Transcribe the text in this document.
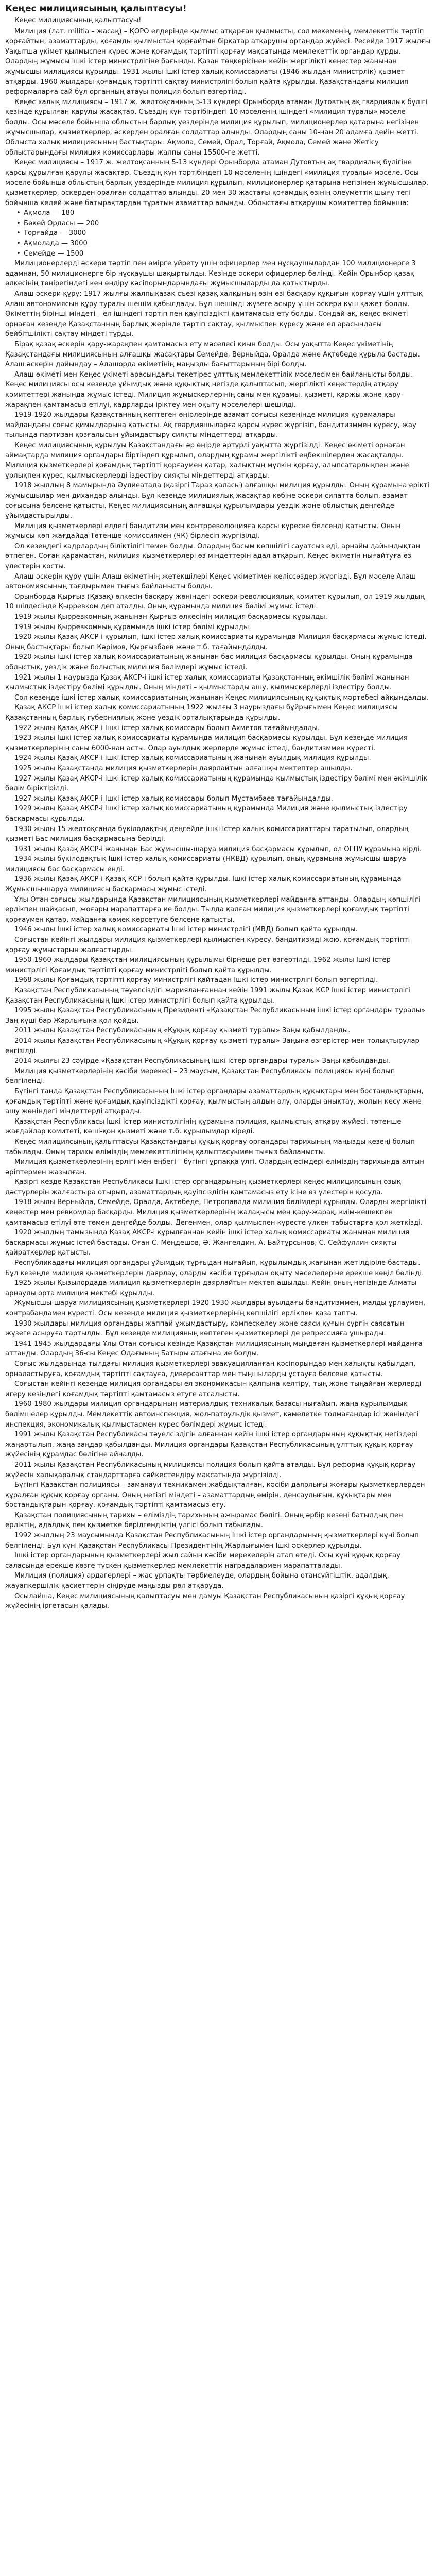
Кеңес милициясының қалыптасуы!

Кеңес милициясының қалыптасуы!

Милиция (лат. militia – жасақ) – ҚОРО елдерінде қылмыс атқарған қылмысты, сол мекеменің, мемлекеттік тәртіп қорғайтын, азаматтарды, қоғамды қылмыстан қорғайтын бірқатар атқарушы органдар жүйесі. Ресейде 1917 жылғы Уақытша үкімет қылмыспен күрес және қоғамдық тәртіпті қорғау мақсатында мемлекеттік органдар құрды. Олардың жұмысы ішкі істер министрлігіне бағынды. Қазан төңкерісінен кейін жергілікті кеңестер жанынан жұмысшы милициясы құрылды. 1931 жылы ішкі істер халық комиссариаты (1946 жылдан министрлік) қызмет атқарды. 1960 жылдары қоғамдық тәртіпті сақтау министрлігі болып қайта құрылды. Қазақстандағы милиция реформаларға сай бұл органның атауы полиция болып өзгертілді.

Кеңес халық милициясы – 1917 ж. желтоқсанның 5-13 күндері Орынборда атаман Дутовтың ақ гвардиялық бүлігі кезінде құрылған қарулы жасақтар. Съездің күн тәртібіндегі 10 мәселенің ішіндегі «милиция туралы» мәселе болды. Осы мәселе бойынша облыстың барлық уездерінде милиция құрылып, милиционерлер қатарына негізінен жұмысшылар, қызметкерлер, әскерден оралған солдаттар алынды. Олардың саны 10-нан 20 адамға дейін жетті. Облыста халық милициясының бастықтары: Ақмола, Семей, Орал, Торғай, Ақмола, Семей және Жетісу облыстарындағы милиция комиссарлары жалпы саны 15500-ге жетті.

Кеңес милициясы – 1917 ж. желтоқсанның 5-13 күндері Орынборда атаман Дутовтың ақ гвардиялық бүлігіне қарсы құрылған қарулы жасақтар. Съездің күн тәртібіндегі 10 мәселенің ішіндегі «милиция туралы» мәселе. Осы мәселе бойынша облыстың барлық уездерінде милиция құрылып, милиционерлер қатарына негізінен жұмысшылар, қызметкерлер, әскерден оралған солдаттар алынды. 20 мен 30 жастағы қоғамдық өзінің әлеуметтік шығу тегі бойынша кедей және батырақтардан тұратын азаматтар алынды. Облыстағы атқарушы комитеттер бойынша:

• Ақмола — 180
• Бөкей Ордасы — 200
• Торғайда — 3000
• Ақмолада — 3000
• Семейде — 1500

Милиционерлерді әскери тәртіп пен өмірге үйрету үшін офицерлер мен нұсқаушылардан 100 милиционерге 3 адамнан, 50 милиционерге бір нұсқаушы шақыртылды. Кезінде әскери офицерлер бөлінді. Кейін Орынбор қазақ өлкесінің төңірегіндегі кен өндіру кәсіпорындарындағы жұмысшыларды да қатыстырды.

Алаш әскери құру: 1917 жылғы жалпықазақ съезі қазақ халқының өзін-өзі басқару құқығын қорғау үшін ұлттық Алаш автономиясын құру туралы шешім қабылдады. Бұл шешімді жүзеге асыру үшін әскери күш қажет болды. Өкіметтің бірінші міндеті – ел ішіндегі тәртіп пен қауіпсіздікті қамтамасыз ету болды. Сондай-ақ, кеңес өкіметі орнаған кезеңде Қазақстанның барлық жерінде тәртіп сақтау, қылмыспен күресу және ел арасындағы бейбітшілікті сақтау міндеті тұрды.

Бірақ қазақ әскерін қару-жарақпен қамтамасыз ету мәселесі қиын болды. Осы уақытта Кеңес үкіметінің Қазақстандағы милициясының алғашқы жасақтары Семейде, Верныйда, Оралда және Ақтөбеде құрыла бастады. Алаш әскерін дайындау – Алашорда өкіметінің маңызды бағыттарының бірі болды.

Алаш өкіметі мен Кеңес үкіметі арасындағы текетірес ұлттық мемлекеттілік мәселесімен байланысты болды. Кеңес милициясы осы кезеңде ұйымдық және құқықтық негізде қалыптасып, жергілікті кеңестердің атқару комитеттері жанында жұмыс істеді. Милиция жұмыскерлерінің саны мен құрамы, қызметі, қаржы және қару-жарақпен қамтамасыз етілуі, кадрларды іріктеу мен оқыту мәселелері шешілді.

1919-1920 жылдары Қазақстанның көптеген өңірлерінде азамат соғысы кезеңінде милиция құрамалары майдандағы соғыс қимылдарына қатысты. Ақ гвардияшыларға қарсы күрес жүргізіп, бандитизммен күресу, жау тылында партизан қозғалысын ұйымдастыру сияқты міндеттерді атқарды.

Кеңес милициясының құрылуы Қазақстандағы әр өңірде әртүрлі уақытта жүргізілді. Кеңес өкіметі орнаған аймақтарда милиция органдары біртіндеп құрылып, олардың құрамы жергілікті еңбекшілерден жасақталды. Милиция қызметкерлері қоғамдық тәртіпті қорғаумен қатар, халықтың мүлкін қорғау, алыпсатарлықпен және ұрлықпен күрес, қылмыскерлерді іздестіру сияқты міндеттерді атқарды.

1918 жылдың 8 мамырында Әулиеатада (қазіргі Тараз қаласы) алғашқы милиция құрылды. Оның құрамына ерікті жұмысшылар мен дихандар алынды. Бұл кезеңде милициялық жасақтар көбіне әскери сипатта болып, азамат соғысына белсене қатысты. Кеңес милициясының алғашқы құрылымдары уездік және облыстық деңгейде ұйымдастырылды.

Милиция қызметкерлері елдегі бандитизм мен контрреволюцияға қарсы күреске белсенді қатысты. Оның жұмысы көп жағдайда Төтенше комиссиямен (ЧК) бірлесіп жүргізілді.

Ол кезеңдегі кадрлардың біліктілігі төмен болды. Олардың басым көпшілігі сауатсыз еді, арнайы дайындықтан өтпеген. Соған қарамастан, милиция қызметкерлері өз міндеттерін адал атқарып, Кеңес өкіметін нығайтуға өз үлестерін қосты.

Алаш әскерін құру үшін Алаш өкіметінің жетекшілері Кеңес үкіметімен келіссөздер жүргізді. Бұл мәселе Алаш автономиясының тағдырымен тығыз байланысты болды.

Орынборда Қырғыз (Қазақ) өлкесін басқару жөніндегі әскери-революциялық комитет құрылып, ол 1919 жылдың 10 шілдесінде Қырревком деп аталды. Оның құрамында милиция бөлімі жұмыс істеді.

1919 жылы Қырревкомның жанынан Қырғыз өлкесінің милиция басқармасы құрылды.

1919 жылы Қырревкомның құрамында ішкі істер бөлімі құрылды.

1920 жылы Қазақ АКСР-і құрылып, ішкі істер халық комиссариаты құрамында Милиция басқармасы жұмыс істеді. Оның бастықтары болып Кәрімов, Қырғызбаев және т.б. тағайындалды.

1920 жылы ішкі істер халық комиссариатының жанынан бас милиция басқармасы құрылды. Оның құрамында облыстық, уездік және болыстық милиция бөлімдері жұмыс істеді.

1921 жылы 1 наурызда Қазақ АКСР-і ішкі істер халық комиссариаты Қазақстанның әкімшілік бөлімі жанынан қылмыстық іздестіру бөлімі құрылды. Оның міндеті – қылмыстарды ашу, қылмыскерлерді іздестіру болды.

Сол кезеңде ішкі істер халық комиссариатының жанынан Кеңес милициясының құқықтық мәртебесі айқындалды.

Қазақ АКСР Ішкі істер халық комиссариатының 1922 жылғы 3 наурыздағы бұйрығымен Кеңес милициясы Қазақстанның барлық губерниялық және уездік орталықтарында құрылды.

1922 жылы Қазақ АКСР-і Ішкі істер халық комиссары болып Ахметов тағайындалды.

1923 жылы Ішкі істер халық комиссариаты құрамында милиция басқармасы құрылды. Бұл кезеңде милиция қызметкерлерінің саны 6000-нан асты. Олар ауылдық жерлерде жұмыс істеді, бандитизммен күресті.

1924 жылы Қазақ АКСР-і ішкі істер халық комиссариатының жанынан ауылдық милиция құрылды.

1925 жылы Қазақстанда милиция қызметкерлерін даярлайтын алғашқы мектептер ашылды.

1927 жылы Қазақ АКСР-і ішкі істер халық комиссариатының құрамында қылмыстық іздестіру бөлімі мен әкімшілік бөлім біріктірілді.

1927 жылы Қазақ АКСР-і Ішкі істер халық комиссары болып Мұстамбаев тағайындалды.

1929 жылы Қазақ АКСР-і Ішкі істер халық комиссариатының құрамында Милиция және қылмыстық іздестіру басқармасы құрылды.

1930 жылы 15 желтоқсанда бүкілодақтық деңгейде ішкі істер халық комиссариаттары таратылып, олардың қызметі Бас милиция басқармасына берілді.

1931 жылы Қазақ АКСР-і жанынан Бас жұмысшы-шаруа милиция басқармасы құрылып, ол ОГПУ құрамына кірді.

1934 жылы бүкілодақтық Ішкі істер халық комиссариаты (НКВД) құрылып, оның құрамына жұмысшы-шаруа милициясы бас басқармасы енді.

1936 жылы Қазақ АКСР-і Қазақ КСР-і болып қайта құрылды. Ішкі істер халық комиссариатының құрамында Жұмысшы-шаруа милициясы басқармасы жұмыс істеді.

Ұлы Отан соғысы жылдарында Қазақстан милициясының қызметкерлері майданға аттанды. Олардың көпшілігі ерлікпен шайқасып, жоғары марапаттарға ие болды. Тылда қалған милиция қызметкерлері қоғамдық тәртіпті қорғаумен қатар, майданға көмек көрсетуге белсене қатысты.

1946 жылы Ішкі істер халық комиссариаты Ішкі істер министрлігі (МВД) болып қайта құрылды.

Соғыстан кейінгі жылдары милиция қызметкерлері қылмыспен күресу, бандитизмді жою, қоғамдық тәртіпті қорғау жұмыстарын жалғастырды.

1950-1960 жылдары Қазақстан милициясының құрылымы бірнеше рет өзгертілді. 1962 жылы Ішкі істер министрлігі Қоғамдық тәртіпті қорғау министрлігі болып қайта құрылды.

1968 жылы Қоғамдық тәртіпті қорғау министрлігі қайтадан Ішкі істер министрлігі болып өзгертілді.

Қазақстан Республикасының тәуелсіздігі жарияланғаннан кейін 1991 жылы Қазақ КСР Ішкі істер министрлігі Қазақстан Республикасының Ішкі істер министрлігі болып қайта құрылды.

1995 жылы Қазақстан Республикасының Президенті «Қазақстан Республикасының ішкі істер органдары туралы» Заң күші бар Жарлығына қол қойды.

2011 жылы Қазақстан Республикасының «Құқық қорғау қызметі туралы» Заңы қабылданды.

2014 жылы Қазақстан Республикасының «Құқық қорғау қызметі туралы» Заңына өзгерістер мен толықтырулар енгізілді.

2014 жылғы 23 сәуірде «Қазақстан Республикасының ішкі істер органдары туралы» Заңы қабылданды.

Милиция қызметкерлерінің кәсіби мерекесі – 23 маусым, Қазақстан Республикасы полициясы күні болып белгіленді.

Бүгінгі таңда Қазақстан Республикасының Ішкі істер органдары азаматтардың құқықтары мен бостандықтарын, қоғамдық тәртіпті және қоғамдық қауіпсіздікті қорғау, қылмыстың алдын алу, оларды анықтау, жолын кесу және ашу жөніндегі міндеттерді атқарады.

Қазақстан Республикасы Ішкі істер министрлігінің құрамына полиция, қылмыстық-атқару жүйесі, төтенше жағдайлар комитеті, көші-қон қызметі және т.б. құрылымдар кіреді.

Кеңес милициясының қалыптасуы Қазақстандағы құқық қорғау органдары тарихының маңызды кезеңі болып табылады. Оның тарихы еліміздің мемлекеттілігінің қалыптасуымен тығыз байланысты.

Милиция қызметкерлерінің ерлігі мен еңбегі – бүгінгі ұрпаққа үлгі. Олардың есімдері еліміздің тарихында алтын әріптермен жазылған.

Қазіргі кезде Қазақстан Республикасы Ішкі істер органдарының қызметкерлері кеңес милициясының озық дәстүрлерін жалғастыра отырып, азаматтардың қауіпсіздігін қамтамасыз ету ісіне өз үлестерін қосуда.

1918 жылы Верныйда, Семейде, Оралда, Ақтөбеде, Петропавлда милиция бөлімдері құрылды. Оларды жергілікті кеңестер мен ревкомдар басқарды. Милиция қызметкерлерінің жалақысы мен қару-жарақ, киім-кешекпен қамтамасыз етілуі өте төмен деңгейде болды. Дегенмен, олар қылмыспен күресте үлкен табыстарға қол жеткізді.

1920 жылдың тамызында Қазақ АКСР-і құрылғаннан кейін ішкі істер халық комиссариаты жанынан милиция басқармасы жұмыс істей бастады. Оған С. Меңдешов, Ә. Жангелдин, А. Байтұрсынов, С. Сейфуллин сияқты қайраткерлер қатысты.

Республикадағы милиция органдары ұйымдық тұрғыдан нығайып, құрылымдық жағынан жетілдіріле бастады. Бұл кезеңде милиция қызметкерлерін даярлау, оларды кәсіби тұрғыдан оқыту мәселелеріне ерекше көңіл бөлінді.

1925 жылы Қызылордада милиция қызметкерлерін даярлайтын мектеп ашылды. Кейін оның негізінде Алматы арнаулы орта милиция мектебі құрылды.

Жұмысшы-шаруа милициясының қызметкерлері 1920-1930 жылдары ауылдағы бандитизммен, малды ұрлаумен, контрабандамен күресті. Осы кезеңде милиция қызметкерлерінің көпшілігі ерлікпен қаза тапты.

1930 жылдары милиция органдары жаппай ұжымдастыру, кәмпескелеу және саяси қуғын-сүргін саясатын жүзеге асыруға тартылды. Бұл кезеңде милицияның көптеген қызметкерлері де репрессияға ұшырады.

1941-1945 жылдардағы Ұлы Отан соғысы кезінде Қазақстан милициясының мыңдаған қызметкерлері майданға аттанды. Олардың 36-сы Кеңес Одағының Батыры атағына ие болды.

Соғыс жылдарында тылдағы милиция қызметкерлері эвакуацияланған кәсіпорындар мен халықты қабылдап, орналастыруға, қоғамдық тәртіпті сақтауға, диверсанттар мен тыңшыларды ұстауға белсене қатысты.

Соғыстан кейінгі кезеңде милиция органдары ел экономикасын қалпына келтіру, тың және тыңайған жерлерді игеру кезіндегі қоғамдық тәртіпті қамтамасыз етуге атсалысты.

1960-1980 жылдары милиция органдарының материалдық-техникалық базасы нығайып, жаңа құрылымдық бөлімшелер құрылды. Мемлекеттік автоинспекция, жол-патрульдік қызмет, кәмелетке толмағандар ісі жөніндегі инспекция, экономикалық қылмыстармен күрес бөлімдері жұмыс істеді.

1991 жылы Қазақстан Республикасы тәуелсіздігін алғаннан кейін ішкі істер органдарының құқықтық негіздері жаңартылып, жаңа заңдар қабылданды. Милиция органдары Қазақстан Республикасының ұлттық құқық қорғау жүйесінің құрамдас бөлігіне айналды.

2011 жылы Қазақстан Республикасының милициясы полиция болып қайта аталды. Бұл реформа құқық қорғау жүйесін халықаралық стандарттарға сәйкестендіру мақсатында жүргізілді.

Бүгінгі Қазақстан полициясы – заманауи техникамен жабдықталған, кәсіби даярлығы жоғары қызметкерлерден құралған құқық қорғау органы. Оның негізгі міндеті – азаматтардың өмірін, денсаулығын, құқықтары мен бостандықтарын қорғау, қоғамдық тәртіпті қамтамасыз ету.

Қазақстан полициясының тарихы – еліміздің тарихының ажырамас бөлігі. Оның әрбір кезеңі батылдық пен ерліктің, адалдық пен қызметке берілгендіктің үлгісі болып табылады.

1992 жылдың 23 маусымында Қазақстан Республикасының Ішкі істер органдарының қызметкерлері күні болып белгіленді. Бұл күні Қазақстан Республикасы Президентінің Жарлығымен Ішкі әскерлер құрылды.

Ішкі істер органдарының қызметкерлері жыл сайын кәсіби мерекелерін атап өтеді. Осы күні құқық қорғау саласында ерекше көзге түскен қызметкерлер мемлекеттік наградалармен марапатталады.

Милиция (полиция) ардагерлері – жас ұрпақты тәрбиелеуде, олардың бойына отансүйгіштік, адалдық, жауапкершілік қасиеттерін сіңіруде маңызды рөл атқаруда.

Осылайша, Кеңес милициясының қалыптасуы мен дамуы Қазақстан Республикасының қазіргі құқық қорғау жүйесінің іргетасын қалады.
